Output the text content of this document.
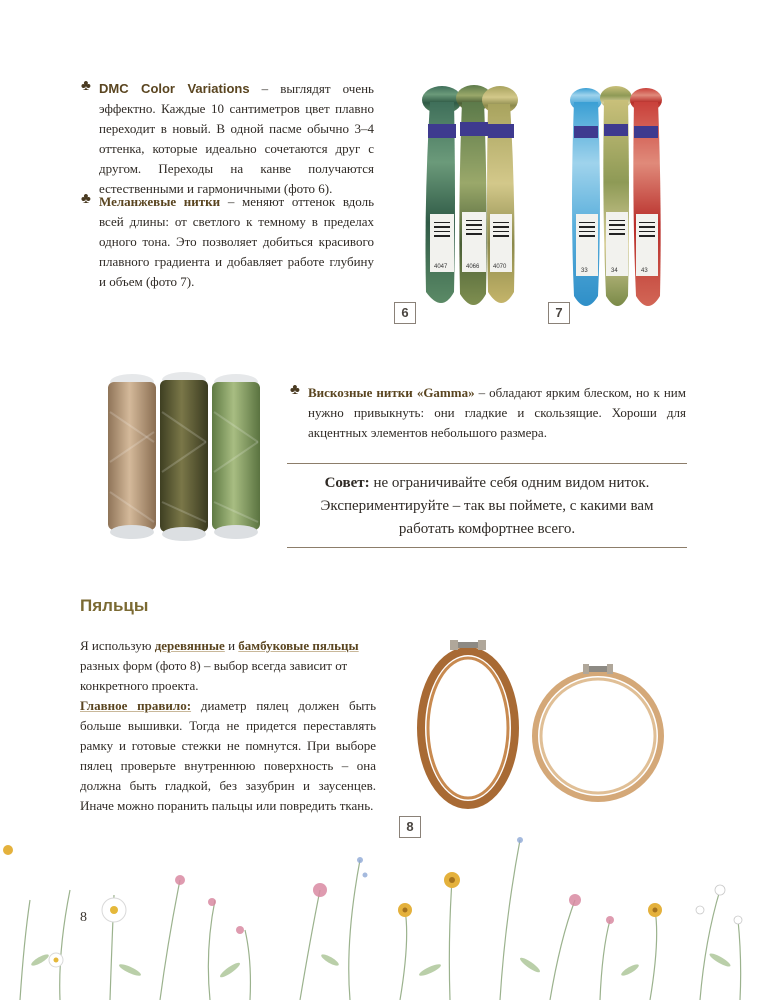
♣ DMC Color Variations – выглядят очень эффектно. Каждые 10 сантиметров цвет плавно переходит в новый. В одной пасме обычно 3–4 оттенка, которые идеально сочетаются друг с другом. Переходы на канве получаются естественными и гармоничными (фото 6).

♣ Меланжевые нитки – меняют оттенок вдоль всей длины: от светлого к темному в пределах одного тона. Это позволяет добиться красивого плавного градиента и добавляет работе глубину и объем (фото 7).

4047	4066 4070
6
33	34	43
7
♣ Вискозные нитки «Gamma» – обладают ярким блеском, но к ним нужно привыкнуть: они гладкие и скользящие. Хороши для акцентных элементов небольшого размера.

Совет: не ограничивайте себя одним видом ниток. Экспериментируйте – так вы поймете, с какими вам работать комфортнее всего.

Пяльцы

Я использую деревянные и бамбуковые пяльцы разных форм (фото 8) – выбор всегда зависит от конкретного проекта.

Главное правило: диаметр пялец должен быть больше вышивки. Тогда не придется переставлять рамку и готовые стежки не помнутся. При выборе пялец проверьте внутреннюю поверхность – она должна быть гладкой, без зазубрин и заусенцев. Иначе можно поранить пальцы или повредить ткань.

8
8
